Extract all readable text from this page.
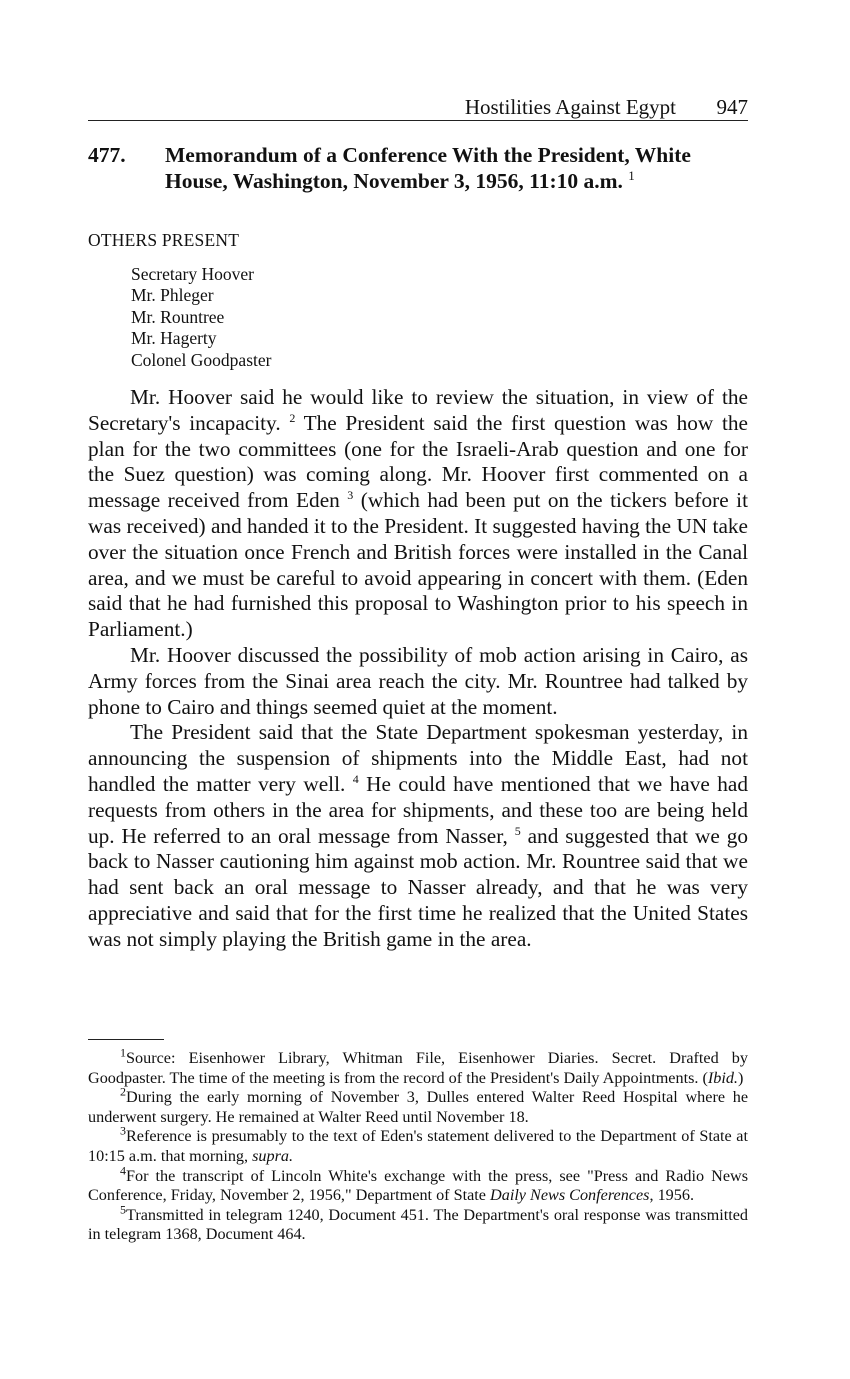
Hostilities Against Egypt 947
477. Memorandum of a Conference With the President, White House, Washington, November 3, 1956, 11:10 a.m. $^1$
OTHERS PRESENT
Secretary Hoover
Mr. Phleger
Mr. Rountree
Mr. Hagerty
Colonel Goodpaster

Mr. Hoover said he would like to review the situation, in view of the Secretary's incapacity. $^2$ The President said the first question was how the plan for the two committees (one for the Israeli-Arab question and one for the Suez question) was coming along. Mr. Hoover first commented on a message received from Eden $^3$ (which had been put on the tickers before it was received) and handed it to the President. It suggested having the UN take over the situation once French and British forces were installed in the Canal area, and we must be careful to avoid appearing in concert with them. (Eden said that he had furnished this proposal to Washington prior to his speech in Parliament.)

Mr. Hoover discussed the possibility of mob action arising in Cairo, as Army forces from the Sinai area reach the city. Mr. Rountree had talked by phone to Cairo and things seemed quiet at the moment.

The President said that the State Department spokesman yesterday, in announcing the suspension of shipments into the Middle East, had not handled the matter very well. $^4$ He could have mentioned that we have had requests from others in the area for shipments, and these too are being held up. He referred to an oral message from Nasser, $^5$ and suggested that we go back to Nasser cautioning him against mob action. Mr. Rountree said that we had sent back an oral message to Nasser already, and that he was very appreciative and said that for the first time he realized that the United States was not simply playing the British game in the area.

$^1$Source: Eisenhower Library, Whitman File, Eisenhower Diaries. Secret. Drafted by Goodpaster. The time of the meeting is from the record of the President's Daily Appointments. (Ibid.)

$^2$During the early morning of November 3, Dulles entered Walter Reed Hospital where he underwent surgery. He remained at Walter Reed until November 18.

$^3$Reference is presumably to the text of Eden's statement delivered to the Department of State at 10:15 a.m. that morning, supra.

$^4$For the transcript of Lincoln White's exchange with the press, see "Press and Radio News Conference, Friday, November 2, 1956," Department of State Daily News Conferences, 1956.

$^5$Transmitted in telegram 1240, Document 451. The Department's oral response was transmitted in telegram 1368, Document 464.
